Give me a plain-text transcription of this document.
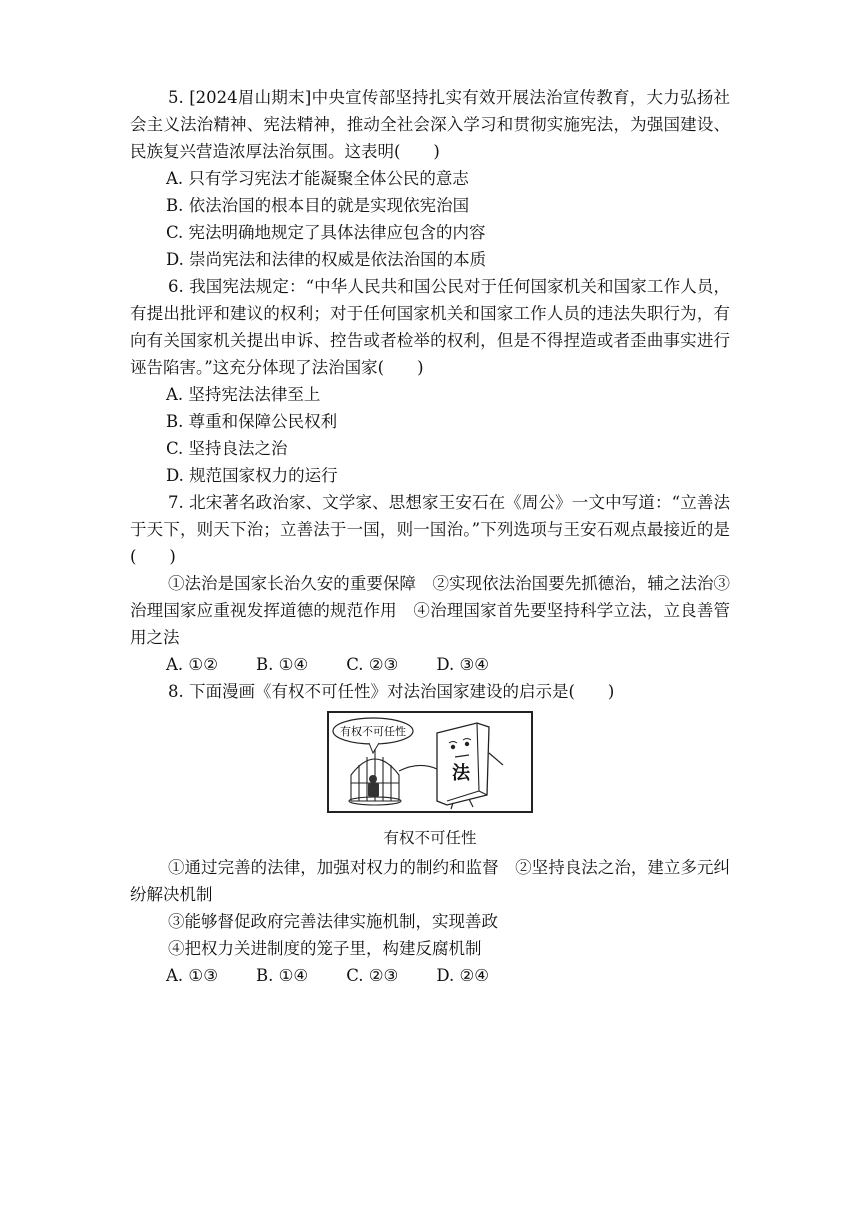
5. [2024眉山期末]中央宣传部坚持扎实有效开展法治宣传教育，大力弘扬社会主义法治精神、宪法精神，推动全社会深入学习和贯彻实施宪法，为强国建设、民族复兴营造浓厚法治氛围。这表明(　　)

A. 只有学习宪法才能凝聚全体公民的意志
B. 依法治国的根本目的就是实现依宪治国
C. 宪法明确地规定了具体法律应包含的内容
D. 崇尚宪法和法律的权威是依法治国的本质

6. 我国宪法规定：“中华人民共和国公民对于任何国家机关和国家工作人员，有提出批评和建议的权利；对于任何国家机关和国家工作人员的违法失职行为，有向有关国家机关提出申诉、控告或者检举的权利，但是不得捏造或者歪曲事实进行诬告陷害。”这充分体现了法治国家(　　)

A. 坚持宪法法律至上
B. 尊重和保障公民权利
C. 坚持良法之治
D. 规范国家权力的运行

7. 北宋著名政治家、文学家、思想家王安石在《周公》一文中写道：“立善法于天下，则天下治；立善法于一国，则一国治。”下列选项与王安石观点最接近的是(　　)

①法治是国家长治久安的重要保障　②实现依法治国要先抓德治，辅之法治③治理国家应重视发挥道德的规范作用　④治理国家首先要坚持科学立法，立良善管用之法

A. ①② B. ①④ C. ②③ D. ③④

8. 下面漫画《有权不可任性》对法治国家建设的启示是(　　)

有权不可任性
法
有权不可任性

①通过完善的法律，加强对权力的制约和监督　②坚持良法之治，建立多元纠纷解决机制

③能够督促政府完善法律实施机制，实现善政
④把权力关进制度的笼子里，构建反腐机制
A. ①③ B. ①④ C. ②③ D. ②④
